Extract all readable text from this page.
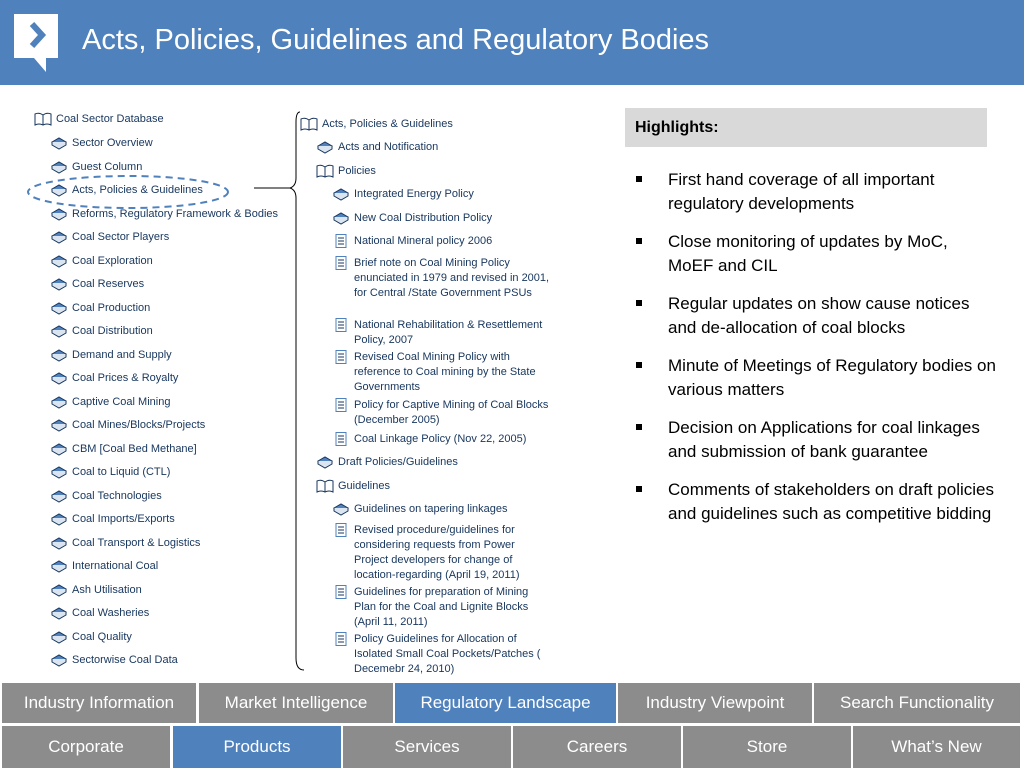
Acts, Policies, Guidelines and Regulatory Bodies
Coal Sector Database
Sector Overview
Guest Column
Acts, Policies & Guidelines
Reforms, Regulatory Framework & Bodies
Coal Sector Players
Coal Exploration
Coal Reserves
Coal Production
Coal Distribution
Demand and Supply
Coal Prices & Royalty
Captive Coal Mining
Coal Mines/Blocks/Projects
CBM [Coal Bed Methane]
Coal to Liquid (CTL)
Coal Technologies
Coal Imports/Exports
Coal Transport & Logistics
International Coal
Ash Utilisation
Coal Washeries
Coal Quality
Sectorwise Coal Data
Acts, Policies & Guidelines
Acts and Notification
Policies
Integrated Energy Policy
New Coal Distribution Policy
National Mineral policy 2006
Brief note on Coal Mining Policy enunciated in 1979 and revised in 2001, for Central /State Government PSUs
National Rehabilitation & Resettlement Policy, 2007
Revised Coal Mining Policy with reference to Coal mining by the State Governments
Policy for Captive Mining of Coal Blocks (December 2005)
Coal Linkage Policy (Nov 22, 2005)
Draft Policies/Guidelines
Guidelines
Guidelines on tapering linkages
Revised procedure/guidelines for considering requests from Power Project developers for change of location-regarding (April 19, 2011)
Guidelines for preparation of Mining Plan for the Coal and Lignite Blocks (April 11, 2011)
Policy Guidelines for Allocation of Isolated Small Coal Pockets/Patches ( Decemebr 24, 2010)
Highlights:
First hand coverage of all important regulatory developments
Close monitoring of updates by MoC, MoEF and CIL
Regular updates on show cause notices and de-allocation of coal blocks
Minute of Meetings of Regulatory bodies on various matters
Decision on Applications for coal linkages and submission of bank guarantee
Comments of stakeholders on draft policies and guidelines such as competitive bidding
Industry Information	Market Intelligence	Regulatory Landscape	Industry Viewpoint	Search Functionality
Corporate	Products	Services	Careers	Store	What’s New
